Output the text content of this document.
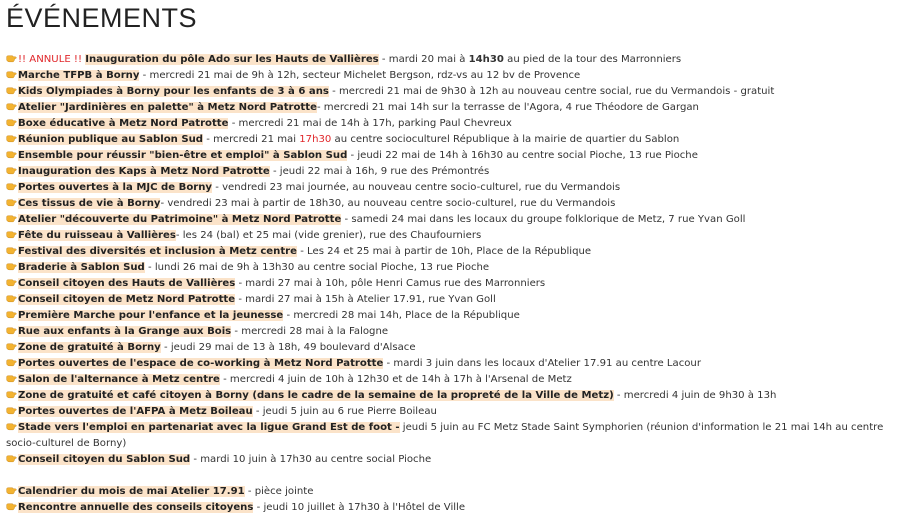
ÉVÉNEMENTS
!! ANNULE !! Inauguration du pôle Ado sur les Hauts de Vallières - mardi 20 mai à 14h30 au pied de la tour des Marronniers
Marche TFPB à Borny - mercredi 21 mai de 9h à 12h, secteur Michelet Bergson, rdz-vs au 12 bv de Provence
Kids Olympiades à Borny pour les enfants de 3 à 6 ans - mercredi 21 mai de 9h30 à 12h au nouveau centre social, rue du Vermandois - gratuit
Atelier "Jardinières en palette" à Metz Nord Patrotte- mercredi 21 mai 14h sur la terrasse de l'Agora, 4 rue Théodore de Gargan
Boxe éducative à Metz Nord Patrotte - mercredi 21 mai de 14h à 17h, parking Paul Chevreux
Réunion publique au Sablon Sud - mercredi 21 mai 17h30 au centre socioculturel République à la mairie de quartier du Sablon
Ensemble pour réussir "bien-être et emploi" à Sablon Sud - jeudi 22 mai de 14h à 16h30 au centre social Pioche, 13 rue Pioche
Inauguration des Kaps à Metz Nord Patrotte - jeudi 22 mai à 16h, 9 rue des Prémontrés
Portes ouvertes à la MJC de Borny - vendredi 23 mai journée, au nouveau centre socio-culturel, rue du Vermandois
Ces tissus de vie à Borny- vendredi 23 mai à partir de 18h30, au nouveau centre socio-culturel, rue du Vermandois
Atelier "découverte du Patrimoine" à Metz Nord Patrotte - samedi 24 mai dans les locaux du groupe folklorique de Metz, 7 rue Yvan Goll
Fête du ruisseau à Vallières- les 24 (bal) et 25 mai (vide grenier), rue des Chaufourniers
Festival des diversités et inclusion à Metz centre - Les 24 et 25 mai à partir de 10h, Place de la République
Braderie à Sablon Sud - lundi 26 mai de 9h à 13h30 au centre social Pioche, 13 rue Pioche
Conseil citoyen des Hauts de Vallières - mardi 27 mai à 10h, pôle Henri Camus rue des Marronniers
Conseil citoyen de Metz Nord Patrotte - mardi 27 mai à 15h à Atelier 17.91, rue Yvan Goll
Première Marche pour l'enfance et la jeunesse - mercredi 28 mai 14h, Place de la République
Rue aux enfants à la Grange aux Bois - mercredi 28 mai à la Falogne
Zone de gratuité à Borny - jeudi 29 mai de 13 à 18h, 49 boulevard d'Alsace
Portes ouvertes de l'espace de co-working à Metz Nord Patrotte - mardi 3 juin dans les locaux d'Atelier 17.91 au centre Lacour
Salon de l'alternance à Metz centre - mercredi 4 juin de 10h à 12h30 et de 14h à 17h à l'Arsenal de Metz
Zone de gratuité et café citoyen à Borny (dans le cadre de la semaine de la propreté de la Ville de Metz) - mercredi 4 juin de 9h30 à 13h
Portes ouvertes de l'AFPA à Metz Boileau - jeudi 5 juin au 6 rue Pierre Boileau
Stade vers l'emploi en partenariat avec la ligue Grand Est de foot - jeudi 5 juin au FC Metz Stade Saint Symphorien (réunion d'information le 21 mai 14h au centre socio-culturel de Borny)
Conseil citoyen du Sablon Sud - mardi 10 juin à 17h30 au centre social Pioche
Calendrier du mois de mai Atelier 17.91 - pièce jointe
Rencontre annuelle des conseils citoyens - jeudi 10 juillet à 17h30 à l'Hôtel de Ville
